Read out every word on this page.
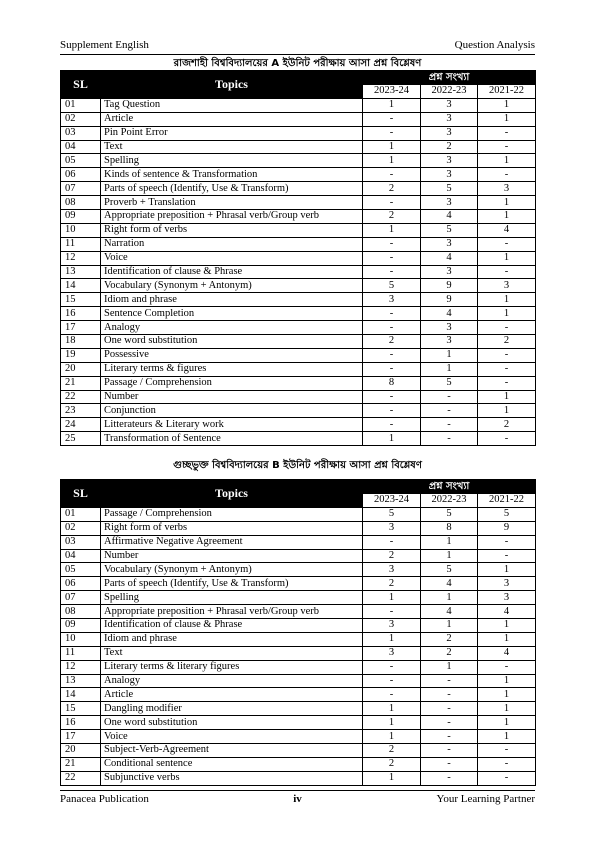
Supplement English	Question Analysis
রাজশাহী বিশ্ববিদ্যালয়ের A ইউনিট পরীক্ষায় আসা প্রশ্ন বিশ্লেষণ
SL	Topics	প্রশ্ন সংখ্যা		
		2023-24	2022-23	2021-22
01	Tag Question	1	3	1
02	Article	-	3	1
03	Pin Point Error	-	3	-
04	Text	1	2	-
05	Spelling	1	3	1
06	Kinds of sentence & Transformation	-	3	-
07	Parts of speech (Identify, Use & Transform)	2	5	3
08	Proverb + Translation	-	3	1
09	Appropriate preposition + Phrasal verb/Group verb	2	4	1
10	Right form of verbs	1	5	4
11	Narration	-	3	-
12	Voice	-	4	1
13	Identification of clause & Phrase	-	3	-
14	Vocabulary (Synonym + Antonym)	5	9	3
15	Idiom and phrase	3	9	1
16	Sentence Completion	-	4	1
17	Analogy	-	3	-
18	One word substitution	2	3	2
19	Possessive	-	1	-
20	Literary terms & figures	-	1	-
21	Passage / Comprehension	8	5	-
22	Number	-	-	1
23	Conjunction	-	-	1
24	Litterateurs & Literary work	-	-	2
25	Transformation of Sentence	1	-	-
গুচ্ছভুক্ত বিশ্ববিদ্যালয়ের B ইউনিট পরীক্ষায় আসা প্রশ্ন বিশ্লেষণ
SL	Topics	প্রশ্ন সংখ্যা		
		2023-24	2022-23	2021-22
01	Passage / Comprehension	5	5	5
02	Right form of verbs	3	8	9
03	Affirmative Negative Agreement	-	1	-
04	Number	2	1	-
05	Vocabulary (Synonym + Antonym)	3	5	1
06	Parts of speech (Identify, Use & Transform)	2	4	3
07	Spelling	1	1	3
08	Appropriate preposition + Phrasal verb/Group verb	-	4	4
09	Identification of clause & Phrase	3	1	1
10	Idiom and phrase	1	2	1
11	Text	3	2	4
12	Literary terms & literary figures	-	1	-
13	Analogy	-	-	1
14	Article	-	-	1
15	Dangling modifier	1	-	1
16	One word substitution	1	-	1
17	Voice	1	-	1
20	Subject-Verb-Agreement	2	-	-
21	Conditional sentence	2	-	-
22	Subjunctive verbs	1	-	-
Panacea Publication	iv	Your Learning Partner
